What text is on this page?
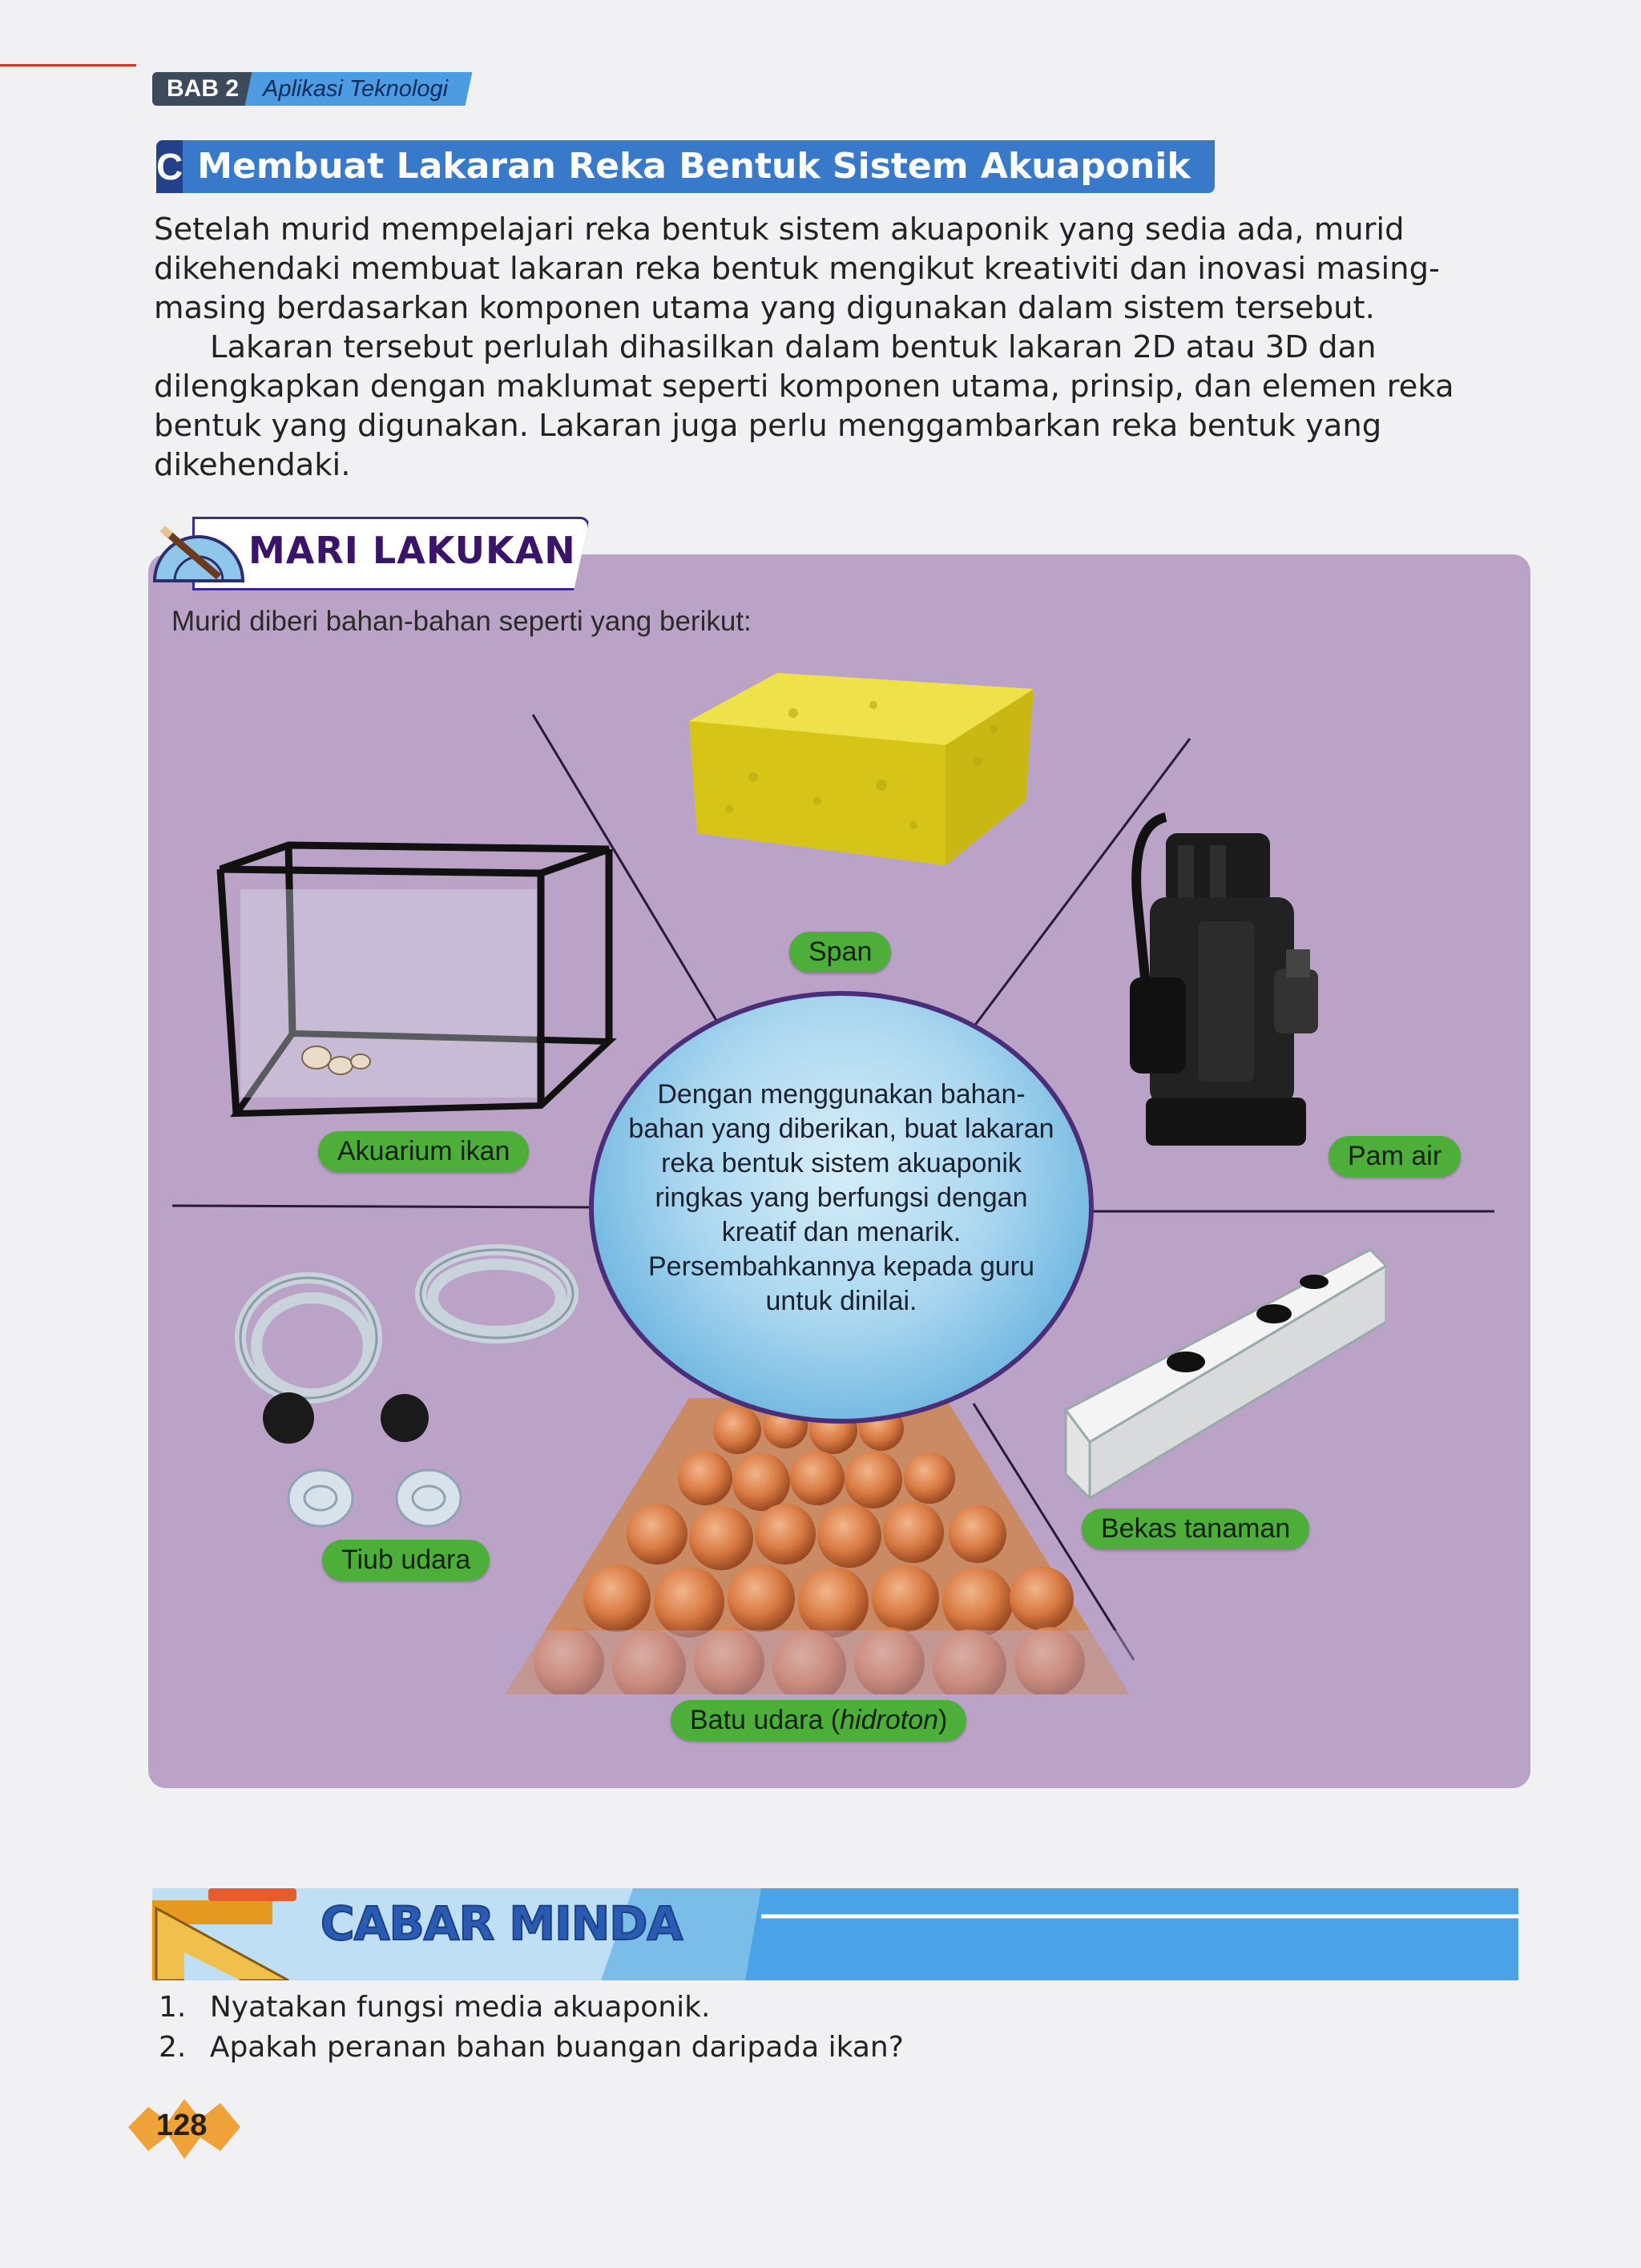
BAB 2	Aplikasi Teknologi
C Membuat Lakaran Reka Bentuk Sistem Akuaponik

Setelah murid mempelajari reka bentuk sistem akuaponik yang sedia ada, murid dikehendaki membuat lakaran reka bentuk mengikut kreativiti dan inovasi masing-masing berdasarkan komponen utama yang digunakan dalam sistem tersebut.

Lakaran tersebut perlulah dihasilkan dalam bentuk lakaran 2D atau 3D dan dilengkapkan dengan maklumat seperti komponen utama, prinsip, dan elemen reka bentuk yang digunakan. Lakaran juga perlu menggambarkan reka bentuk yang dikehendaki.

MARI LAKUKAN
Murid diberi bahan-bahan seperti yang berikut:
Dengan menggunakan bahan-bahan yang diberikan, buat lakaran reka bentuk sistem akuaponik ringkas yang berfungsi dengan kreatif dan menarik. Persembahkannya kepada guru untuk dinilai.
Span
Akuarium ikan	Pam air
Tiub udara
Bekas tanaman
Batu udara (hidroton)
CABAR MINDA
1. Nyatakan fungsi media akuaponik.
2. Apakah peranan bahan buangan daripada ikan?
128
